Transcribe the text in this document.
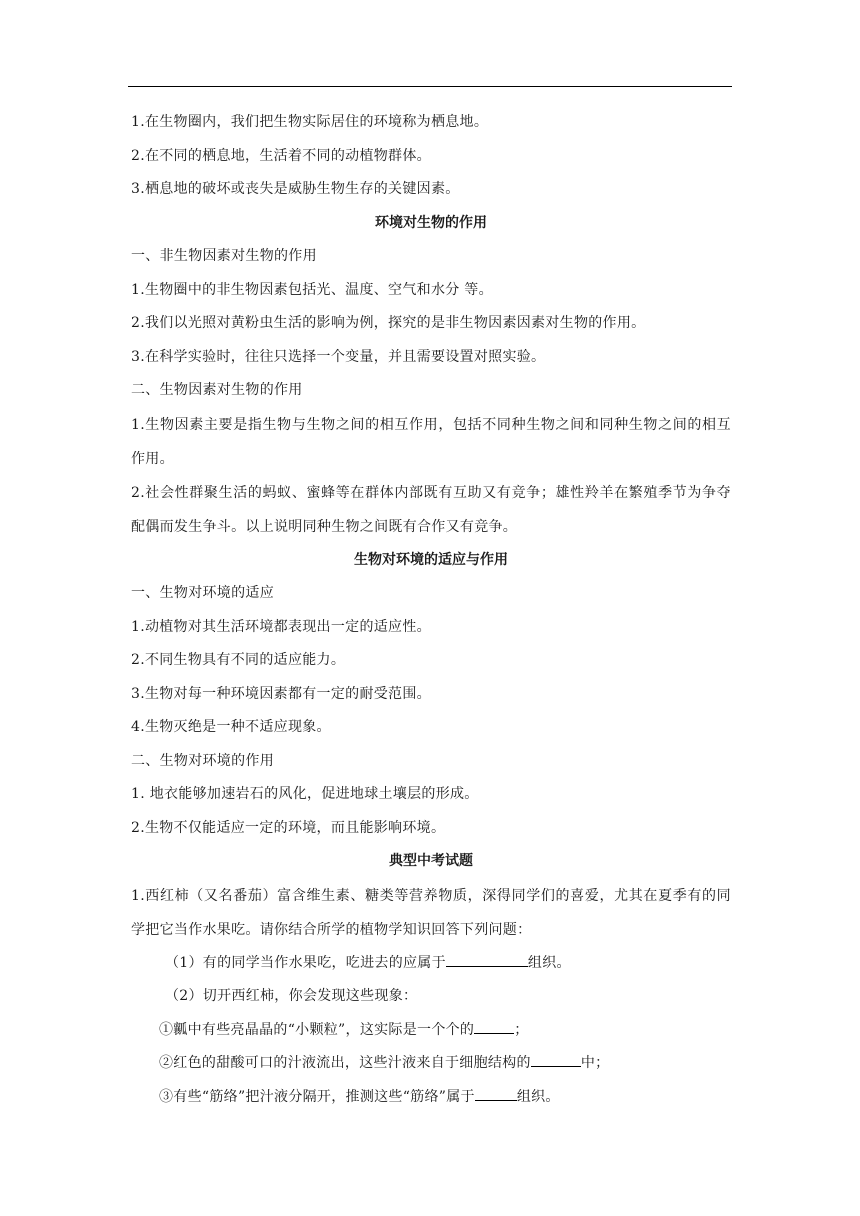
1.在生物圈内，我们把生物实际居住的环境称为栖息地。
2.在不同的栖息地，生活着不同的动植物群体。
3.栖息地的破坏或丧失是威胁生物生存的关键因素。
环境对生物的作用
一、非生物因素对生物的作用
1.生物圈中的非生物因素包括光、温度、空气和水分 等。
2.我们以光照对黄粉虫生活的影响为例，探究的是非生物因素因素对生物的作用。
3.在科学实验时，往往只选择一个变量，并且需要设置对照实验。
二、生物因素对生物的作用
1.生物因素主要是指生物与生物之间的相互作用，包括不同种生物之间和同种生物之间的相互作用。
2.社会性群聚生活的蚂蚁、蜜蜂等在群体内部既有互助又有竞争；雄性羚羊在繁殖季节为争夺配偶而发生争斗。以上说明同种生物之间既有合作又有竞争。
生物对环境的适应与作用
一、生物对环境的适应
1.动植物对其生活环境都表现出一定的适应性。
2.不同生物具有不同的适应能力。
3.生物对每一种环境因素都有一定的耐受范围。
4.生物灭绝是一种不适应现象。
二、生物对环境的作用
1. 地衣能够加速岩石的风化，促进地球土壤层的形成。
2.生物不仅能适应一定的环境，而且能影响环境。
典型中考试题
1.西红柿（又名番茄）富含维生素、糖类等营养物质，深得同学们的喜爱，尤其在夏季有的同学把它当作水果吃。请你结合所学的植物学知识回答下列问题：
（1）有的同学当作水果吃，吃进去的应属于	组织。
（2）切开西红柿，你会发现这些现象：
①瓤中有些亮晶晶的“小颗粒”，这实际是一个个的	；
②红色的甜酸可口的汁液流出，这些汁液来自于细胞结构的	中；
③有些“筋络”把汁液分隔开，推测这些“筋络”属于	组织。
